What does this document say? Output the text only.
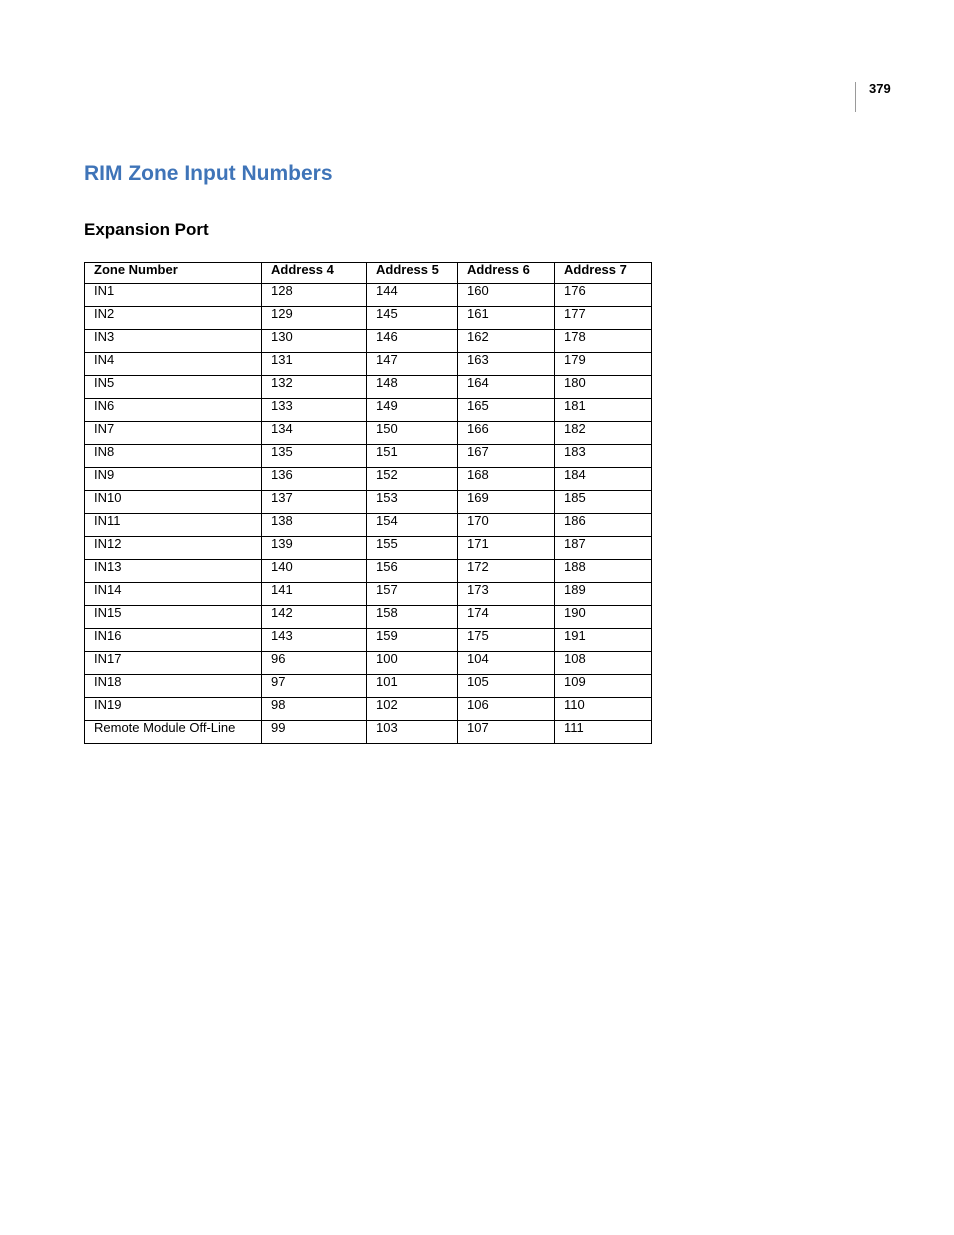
379
RIM Zone Input Numbers
Expansion Port
Zone Number	Address 4	Address 5	Address 6	Address 7
IN1	128	144	160	176
IN2	129	145	161	177
IN3	130	146	162	178
IN4	131	147	163	179
IN5	132	148	164	180
IN6	133	149	165	181
IN7	134	150	166	182
IN8	135	151	167	183
IN9	136	152	168	184
IN10	137	153	169	185
IN11	138	154	170	186
IN12	139	155	171	187
IN13	140	156	172	188
IN14	141	157	173	189
IN15	142	158	174	190
IN16	143	159	175	191
IN17	96	100	104	108
IN18	97	101	105	109
IN19	98	102	106	110
Remote Module Off-Line	99	103	107	111
